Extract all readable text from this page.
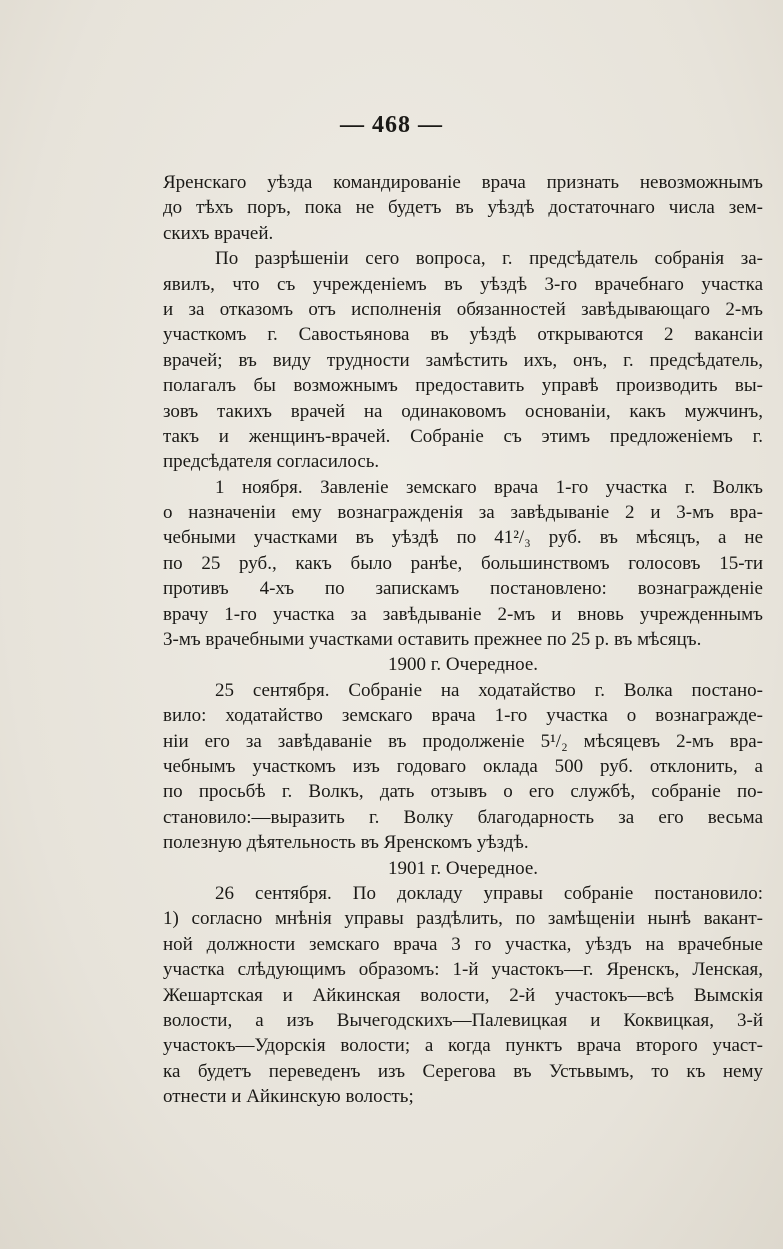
— 468 —
Яренскаго уѣзда командированіе врача признать невозможнымъ
до тѣхъ поръ, пока не будетъ въ уѣздѣ достаточнаго числа зем-
скихъ врачей.
По разрѣшеніи сего вопроса, г. предсѣдатель собранія за-
явилъ, что съ учрежденіемъ въ уѣздѣ 3-го врачебнаго участка
и за отказомъ отъ исполненія обязанностей завѣдывающаго 2-мъ
участкомъ г. Савостьянова въ уѣздѣ открываются 2 вакансіи
врачей; въ виду трудности замѣстить ихъ, онъ, г. предсѣдатель,
полагалъ бы возможнымъ предоставить управѣ производить вы-
зовъ такихъ врачей на одинаковомъ основаніи, какъ мужчинъ,
такъ и женщинъ-врачей. Собраніе съ этимъ предложеніемъ г.
предсѣдателя согласилось.
1 ноября. Завленіе земскаго врача 1-го участка г. Волкъ
о назначеніи ему вознагражденія за завѣдываніе 2 и 3-мъ вра-
чебными участками въ уѣздѣ по 41²/₃ руб. въ мѣсяцъ, а не
по 25 руб., какъ было ранѣе, большинствомъ голосовъ 15-ти
противъ 4-хъ по запискамъ постановлено: вознагражденіе
врачу 1-го участка за завѣдываніе 2-мъ и вновь учрежденнымъ
3-мъ врачебными участками оставить прежнее по 25 р. въ мѣсяцъ.
1900 г. Очередное.
25 сентября. Собраніе на ходатайство г. Волка постано-
вило: ходатайство земскаго врача 1-го участка о вознагражде-
ніи его за завѣдаваніе въ продолженіе 5¹/₂ мѣсяцевъ 2-мъ вра-
чебнымъ участкомъ изъ годоваго оклада 500 руб. отклонить, а
по просьбѣ г. Волкъ, дать отзывъ о его службѣ, собраніе по-
становило:—выразить г. Волку благодарность за его весьма
полезную дѣятельность въ Яренскомъ уѣздѣ.
1901 г. Очередное.
26 сентября. По докладу управы собраніе постановило:
1) согласно мнѣнія управы раздѣлить, по замѣщеніи нынѣ вакант-
ной должности земскаго врача 3 го участка, уѣздъ на врачебные
участка слѣдующимъ образомъ: 1-й участокъ—г. Яренскъ, Ленская,
Жешартская и Айкинская волости, 2-й участокъ—всѣ Вымскія
волости, а изъ Вычегодскихъ—Палевицкая и Коквицкая, 3-й
участокъ—Удорскія волости; а когда пунктъ врача второго участ-
ка будетъ переведенъ изъ Серегова въ Устьвымъ, то къ нему
отнести и Айкинскую волость;
